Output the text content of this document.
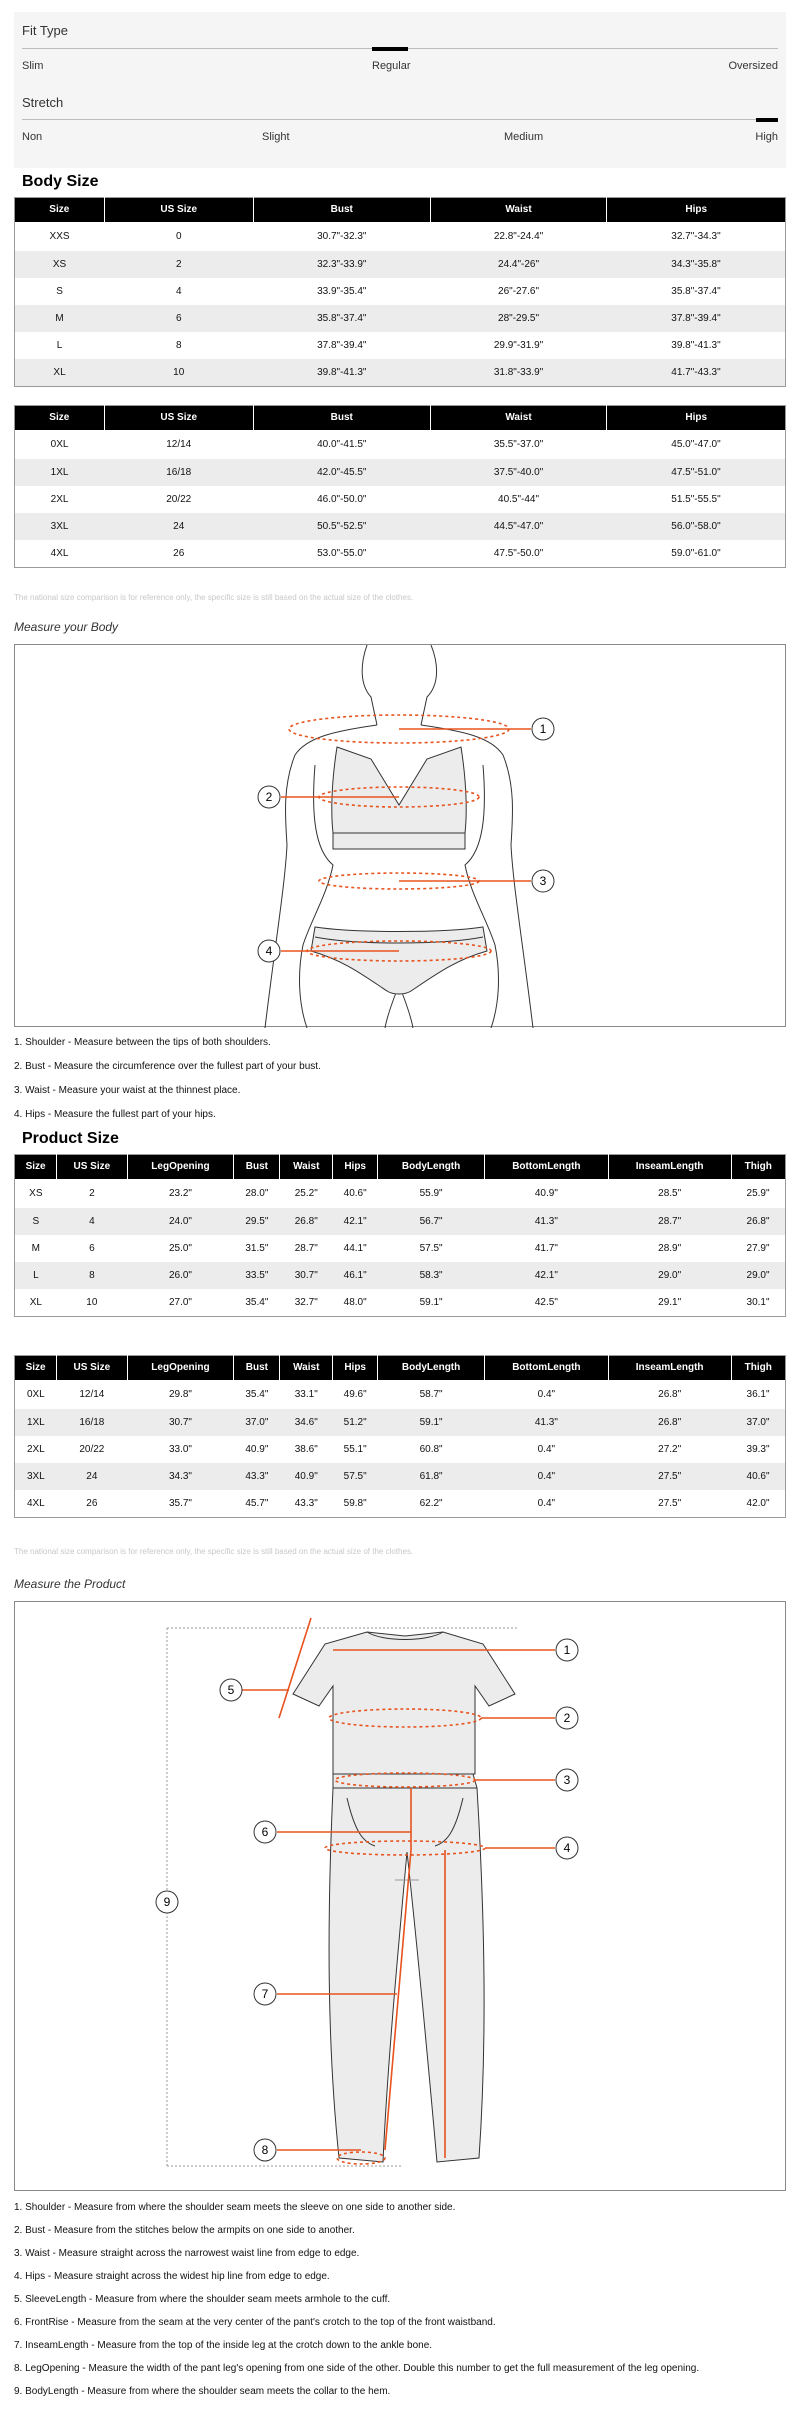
Fit Type
Slim	Regular	Oversized
Stretch
Non	Slight	Medium	High
Body Size
Size	US Size	Bust	Waist	Hips
XXS	0	30.7"-32.3"	22.8"-24.4"	32.7"-34.3"
XS	2	32.3"-33.9"	24.4"-26"	34.3"-35.8"
S	4	33.9"-35.4"	26"-27.6"	35.8"-37.4"
M	6	35.8"-37.4"	28"-29.5"	37.8"-39.4"
L	8	37.8"-39.4"	29.9"-31.9"	39.8"-41.3"
XL	10	39.8"-41.3"	31.8"-33.9"	41.7"-43.3"
Size	US Size	Bust	Waist	Hips
0XL	12/14	40.0"-41.5"	35.5"-37.0"	45.0"-47.0"
1XL	16/18	42.0"-45.5"	37.5"-40.0"	47.5"-51.0"
2XL	20/22	46.0"-50.0"	40.5"-44"	51.5"-55.5"
3XL	24	50.5"-52.5"	44.5"-47.0"	56.0"-58.0"
4XL	26	53.0"-55.0"	47.5"-50.0"	59.0"-61.0"
The national size comparison is for reference only, the specific size is still based on the actual size of the clothes.
Measure your Body
1
2
3
4
1. Shoulder - Measure between the tips of both shoulders.
2. Bust - Measure the circumference over the fullest part of your bust.
3. Waist - Measure your waist at the thinnest place.
4. Hips - Measure the fullest part of your hips.
Product Size
Size	US Size	LegOpening	Bust	Waist	Hips	BodyLength	BottomLength	InseamLength	Thigh
XS	2	23.2"	28.0"	25.2"	40.6"	55.9"	40.9"	28.5"	25.9"
S	4	24.0"	29.5"	26.8"	42.1"	56.7"	41.3"	28.7"	26.8"
M	6	25.0"	31.5"	28.7"	44.1"	57.5"	41.7"	28.9"	27.9"
L	8	26.0"	33.5"	30.7"	46.1"	58.3"	42.1"	29.0"	29.0"
XL	10	27.0"	35.4"	32.7"	48.0"	59.1"	42.5"	29.1"	30.1"
Size	US Size	LegOpening	Bust	Waist	Hips	BodyLength	BottomLength	InseamLength	Thigh
0XL	12/14	29.8"	35.4"	33.1"	49.6"	58.7"	0.4"	26.8"	36.1"
1XL	16/18	30.7"	37.0"	34.6"	51.2"	59.1"	41.3"	26.8"	37.0"
2XL	20/22	33.0"	40.9"	38.6"	55.1"	60.8"	0.4"	27.2"	39.3"
3XL	24	34.3"	43.3"	40.9"	57.5"	61.8"	0.4"	27.5"	40.6"
4XL	26	35.7"	45.7"	43.3"	59.8"	62.2"	0.4"	27.5"	42.0"
The national size comparison is for reference only, the specific size is still based on the actual size of the clothes.
Measure the Product
1
2
3
4
5
6
7
8
9
1. Shoulder - Measure from where the shoulder seam meets the sleeve on one side to another side.
2. Bust - Measure from the stitches below the armpits on one side to another.
3. Waist - Measure straight across the narrowest waist line from edge to edge.
4. Hips - Measure straight across the widest hip line from edge to edge.
5. SleeveLength - Measure from where the shoulder seam meets armhole to the cuff.
6. FrontRise - Measure from the seam at the very center of the pant's crotch to the top of the front waistband.
7. InseamLength - Measure from the top of the inside leg at the crotch down to the ankle bone.
8. LegOpening - Measure the width of the pant leg's opening from one side of the other. Double this number to get the full measurement of the leg opening.
9. BodyLength - Measure from where the shoulder seam meets the collar to the hem.
